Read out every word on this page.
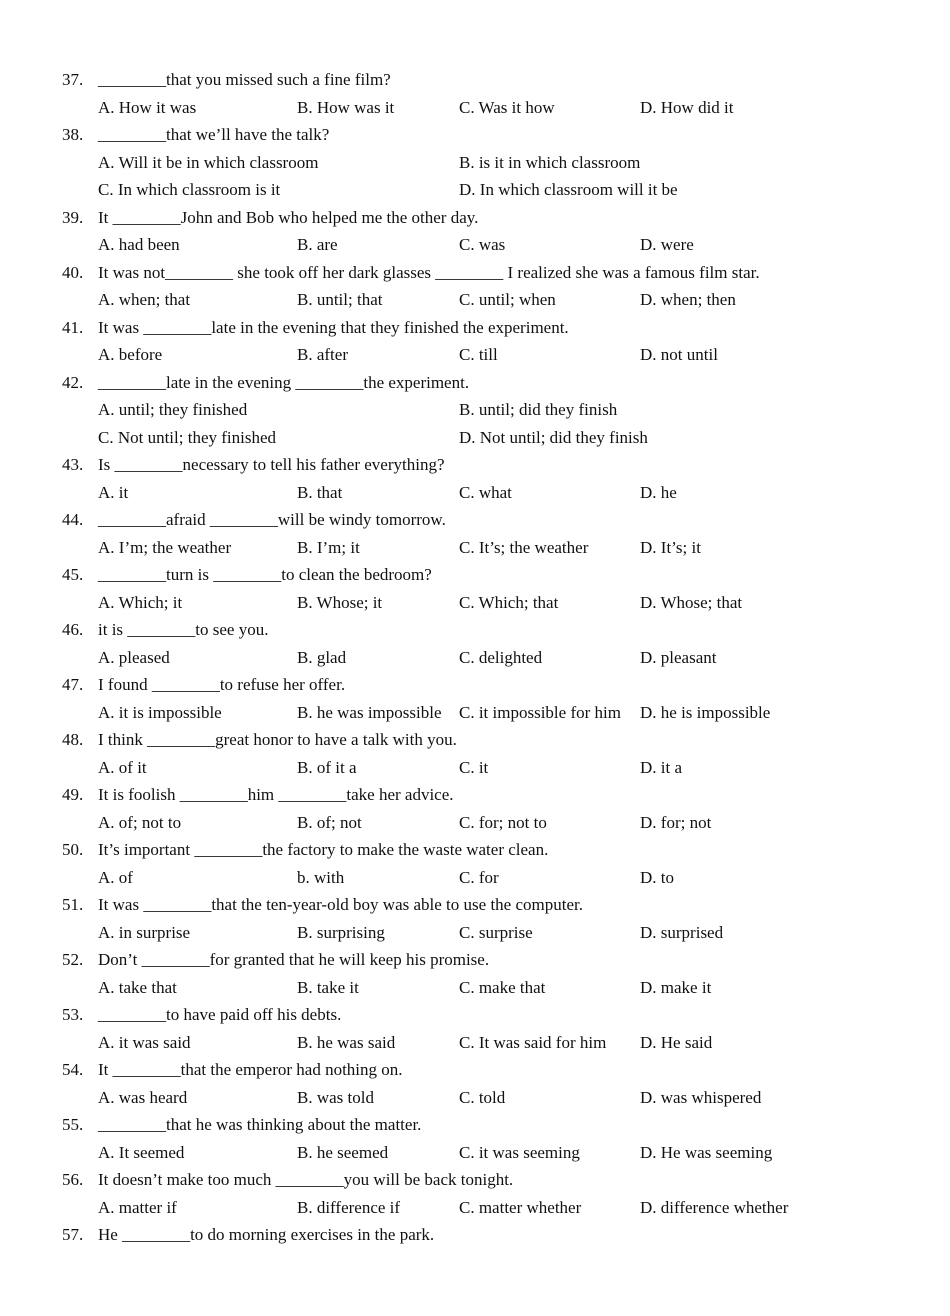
37. ________that you missed such a fine film?
A. How it was	B. How was it	C. Was it how	D. How did it
38. ________that we’ll have the talk?
A. Will it be in which classroom	B. is it in which classroom
C. In which classroom is it	D. In which classroom will it be
39. It ________John and Bob who helped me the other day.
A. had been	B. are	C. was	D. were
40. It was not________ she took off her dark glasses ________ I realized she was a famous film star.
A. when; that	B. until; that	C. until; when	D. when; then
41. It was ________late in the evening that they finished the experiment.
A. before	B. after	C. till	D. not until
42. ________late in the evening ________the experiment.
A. until; they finished	B. until; did they finish
C. Not until; they finished	D. Not until; did they finish
43. Is ________necessary to tell his father everything?
A. it	B. that	C. what	D. he
44. ________afraid ________will be windy tomorrow.
A. I’m; the weather	B. I’m; it	C. It’s; the weather	D. It’s; it
45. ________turn is ________to clean the bedroom?
A. Which; it	B. Whose; it	C. Which; that	D. Whose; that
46. it is ________to see you.
A. pleased	B. glad	C. delighted	D. pleasant
47. I found ________to refuse her offer.
A. it is impossible	B. he was impossible C. it impossible for him D. he is impossible
48. I think ________great honor to have a talk with you.
A. of it	B. of it a	C. it	D. it a
49. It is foolish ________him ________take her advice.
A. of; not to	B. of; not	C. for; not to	D. for; not
50. It’s important ________the factory to make the waste water clean.
A. of	b. with	C. for	D. to
51. It was ________that the ten-year-old boy was able to use the computer.
A. in surprise	B. surprising	C. surprise	D. surprised
52. Don’t ________for granted that he will keep his promise.
A. take that	B. take it	C. make that	D. make it
53. ________to have paid off his debts.
A. it was said	B. he was said	C. It was said for him D. He said
54. It ________that the emperor had nothing on.
A. was heard	B. was told	C. told	D. was whispered
55. ________that he was thinking about the matter.
A. It seemed	B. he seemed	C. it was seeming	D. He was seeming
56. It doesn’t make too much ________you will be back tonight.
A. matter if	B. difference if	C. matter whether	D. difference whether
57. He ________to do morning exercises in the park.
